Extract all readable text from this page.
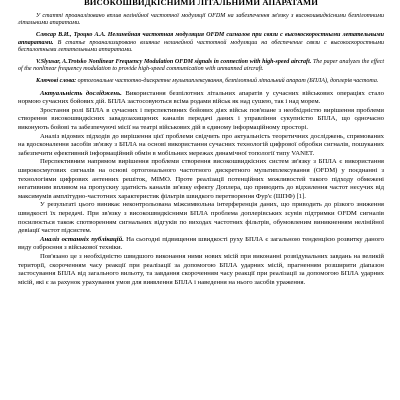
ВИСОКОШВИДКІСНИМИ ЛІТАЛЬНИМИ АПАРАТАМИ
У статті проаналізовано вплив нелінійної частотної модуляції OFDM на забезпечення зв'язку з високошвидкісними безпілотними літальними апаратами.
Слюсар В.И., Троцко А.А. Нелинейная частотная модуляция OFDM сигналов при связи с высокоскоростными летательными аппаратами. В статье проанализировано влияние нелинейной частотной модуляции на обеспечение связи с высокоскоростными беспилотными летательными аппаратами.
V.Slyusar, A.Trotsko Nonlinear Frequency Modulation OFDM signals in connection with high-speed aircraft. The paper analyzes the effect of the nonlinear frequency modulation to provide high-speed communication with unmanned aircraft.
Ключові слова: ортогональне частотно-дискретне мультиплексування, безпілотний літальний апарат (БПЛА), доплерів частота.

Актуальність досліджень. Використання безпілотних літальних апаратів у сучасних військових операціях стало нормою сучасних бойових дій. БПЛА застосовуються всіма родами військ як над сушею, так і над морем.

Зростання ролі БПЛА в сучасних і перспективних бойових діях військ пов'язане з необхідністю вирішення проблеми створення високошвидкісних завадозахищених каналів передачі даних і управління сукупністю БПЛА, що одночасно виконують бойові та забезпечуючі місії на театрі військових дій в єдиному інформаційному просторі.

Аналіз відомих підходів до вирішення цієї проблеми свідчить про актуальність теоретичних досліджень, спрямованих на вдосконалення засобів зв'язку з БПЛА на основі використання сучасних технологій цифрової обробки сигналів, пошуканих забезпечити ефективний інформаційний обмін в мобільних мережах динамічної топології типу VANET.

Перспективним напрямом вирішення проблеми створення високошвидкісних систем зв'язку з БПЛА є використання широкосмугових сигналів на основі ортогонального частотного дискретного мультиплексування (OFDM) у поєднанні з технологіями цифрових антенних решіток, MIMO. Проте реалізації потенційних можливостей такого підходу обмежені негативним впливом на пропускну здатність каналів зв'язку ефекту Доплера, що приводить до відхилення частот несучих від максимумів амплітудно-частотних характеристик фільтрів швидкого перетворення Фур'є (ШПФ) [1].

У результаті цього виникає неконтрольована міжсимвольна інтерференція даних, що приводить до різкого зниження швидкості їх передачі. При зв'язку з високошвидкісними БПЛА проблема доплерівських зсувів підтримки OFDM сигналів посилюється також спотворенням сигнальних відгуків по виходах частотних фільтрів, обумовленим виникненням нелінійної девіації частот підсистем.

Аналіз останніх публікацій. На сьогодні підвищення швидкості руху БПЛА є загальною тенденцією розвитку даного виду озброєння з військової техніки.

Пов'язано це з необхідністю швидшого виконання ними нових місій при виконанні розвідувальних завдань на великій території, скороченням часу реакції при реалізації за допомогою БПЛА ударних місій, прагненням розширити діапазон застосування БПЛА від загального вильоту, та завдання скороченням часу реакції при реалізації за допомогою БПЛА ударних місій, які є за рахунок урахування умов для виявлення БПЛА і наведення на нього засобів ураження.
